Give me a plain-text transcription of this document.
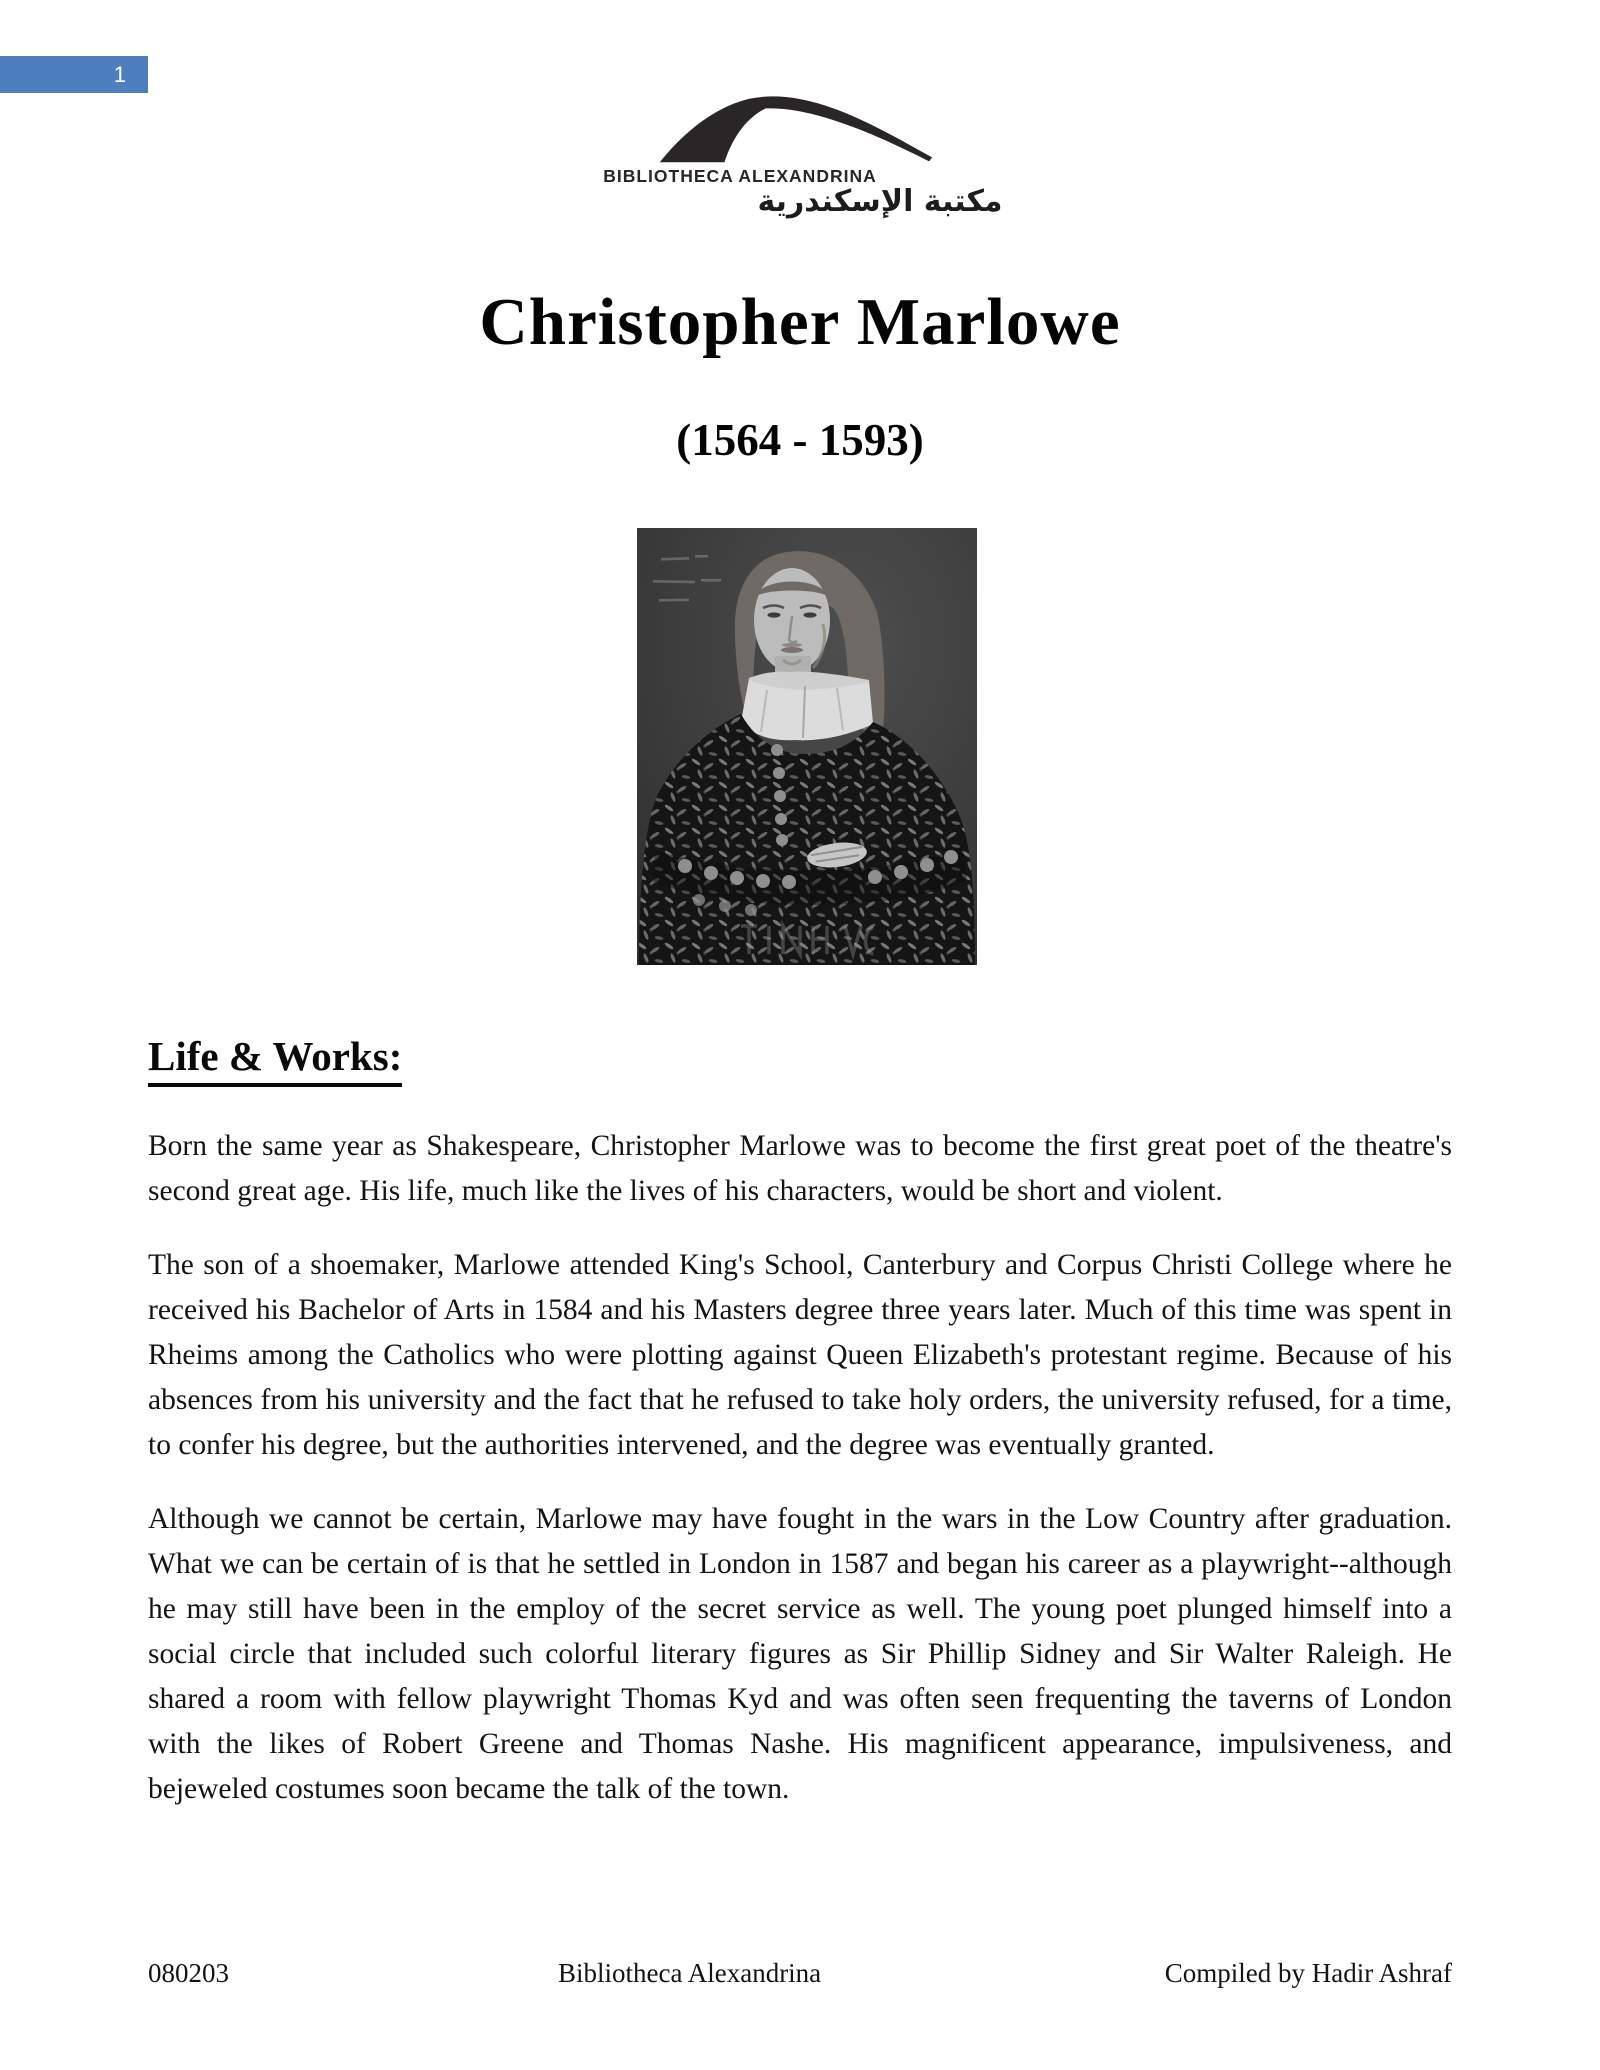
1
BIBLIOTHECA ALEXANDRINA
مكتبة الإسكندرية
Christopher Marlowe
(1564 - 1593)
Life & Works:

Born the same year as Shakespeare, Christopher Marlowe was to become the first great poet of the theatre's second great age. His life, much like the lives of his characters, would be short and violent.

The son of a shoemaker, Marlowe attended King's School, Canterbury and Corpus Christi College where he received his Bachelor of Arts in 1584 and his Masters degree three years later. Much of this time was spent in Rheims among the Catholics who were plotting against Queen Elizabeth's protestant regime. Because of his absences from his university and the fact that he refused to take holy orders, the university refused, for a time, to confer his degree, but the authorities intervened, and the degree was eventually granted.

Although we cannot be certain, Marlowe may have fought in the wars in the Low Country after graduation. What we can be certain of is that he settled in London in 1587 and began his career as a playwright--although he may still have been in the employ of the secret service as well. The young poet plunged himself into a social circle that included such colorful literary figures as Sir Phillip Sidney and Sir Walter Raleigh. He shared a room with fellow playwright Thomas Kyd and was often seen frequenting the taverns of London with the likes of Robert Greene and Thomas Nashe. His magnificent appearance, impulsiveness, and bejeweled costumes soon became the talk of the town.

080203	Bibliotheca Alexandrina	Compiled by Hadir Ashraf
